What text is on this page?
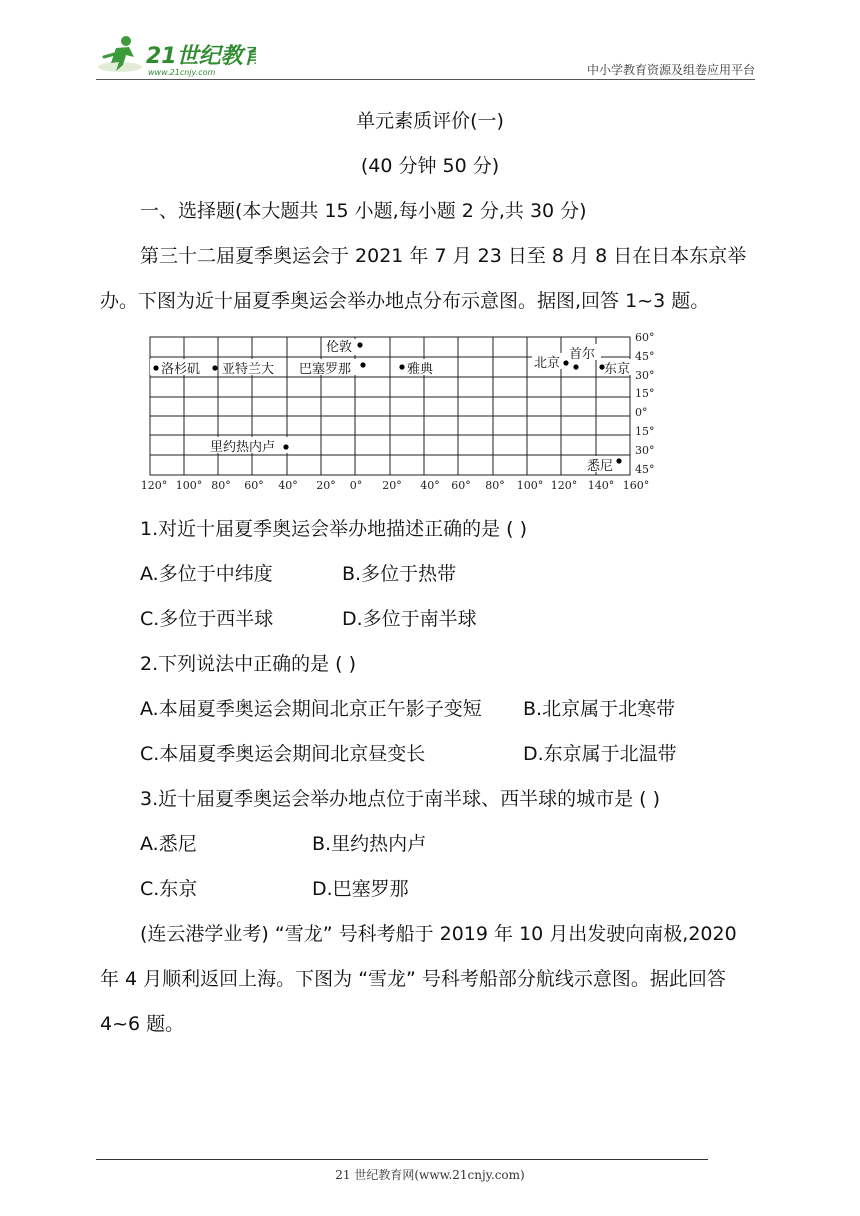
21世纪教育
www.21cnjy.com	中小学教育资源及组卷应用平台
单元素质评价(一)
(40 分钟 50 分)
一、选择题(本大题共 15 小题,每小题 2 分,共 30 分)
第三十二届夏季奥运会于 2021 年 7 月 23 日至 8 月 8 日在日本东京举
办。下图为近十届夏季奥运会举办地点分布示意图。据图,回答 1~3 题。
洛杉矶 亚特兰大
伦敦
巴塞罗那	雅典	北京
首尔
东京
里约热内卢
悉尼
60°
45°
30°
15°
0°
15°
30°
45°
120° 100° 80° 60° 40° 20° 0° 20° 40° 60° 80° 100° 120° 140° 160°
1.对近十届夏季奥运会举办地描述正确的是 ( )
A.多位于中纬度	B.多位于热带
C.多位于西半球	D.多位于南半球
2.下列说法中正确的是 ( )
A.本届夏季奥运会期间北京正午影子变短 B.北京属于北寒带
C.本届夏季奥运会期间北京昼变长	D.东京属于北温带
3.近十届夏季奥运会举办地点位于南半球、西半球的城市是 ( )
A.悉尼	B.里约热内卢
C.东京	D.巴塞罗那
(连云港学业考) “雪龙” 号科考船于 2019 年 10 月出发驶向南极,2020
年 4 月顺利返回上海。下图为 “雪龙” 号科考船部分航线示意图。据此回答
4~6 题。
21 世纪教育网(www.21cnjy.com)
